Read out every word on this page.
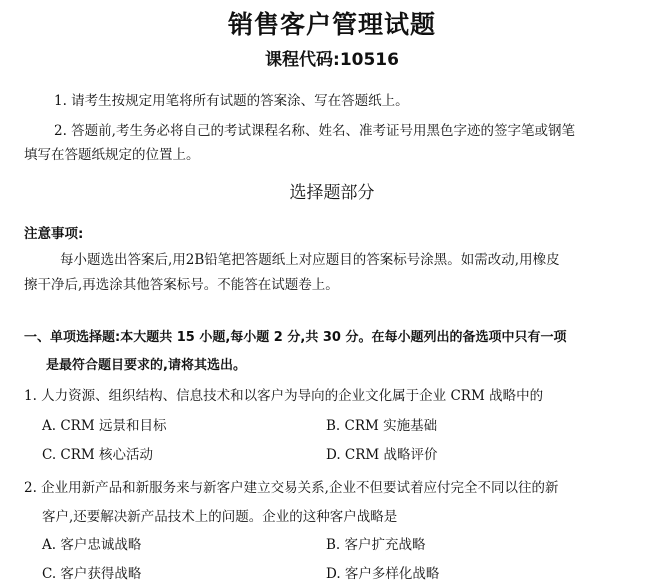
销售客户管理试题
课程代码:10516
1. 请考生按规定用笔将所有试题的答案涂、写在答题纸上。
2. 答题前,考生务必将自己的考试课程名称、姓名、准考证号用黑色字迹的签字笔或钢笔
填写在答题纸规定的位置上。
选择题部分
注意事项:
每小题选出答案后,用2B铅笔把答题纸上对应题目的答案标号涂黑。如需改动,用橡皮
擦干净后,再选涂其他答案标号。不能答在试题卷上。
一、单项选择题:本大题共 15 小题,每小题 2 分,共 30 分。在每小题列出的备选项中只有一项
是最符合题目要求的,请将其选出。
1. 人力资源、组织结构、信息技术和以客户为导向的企业文化属于企业 CRM 战略中的
A. CRM 远景和目标	B. CRM 实施基础
C. CRM 核心活动	D. CRM 战略评价
2. 企业用新产品和新服务来与新客户建立交易关系,企业不但要试着应付完全不同以往的新
客户,还要解决新产品技术上的问题。企业的这种客户战略是
A. 客户忠诚战略	B. 客户扩充战略
C. 客户获得战略	D. 客户多样化战略
